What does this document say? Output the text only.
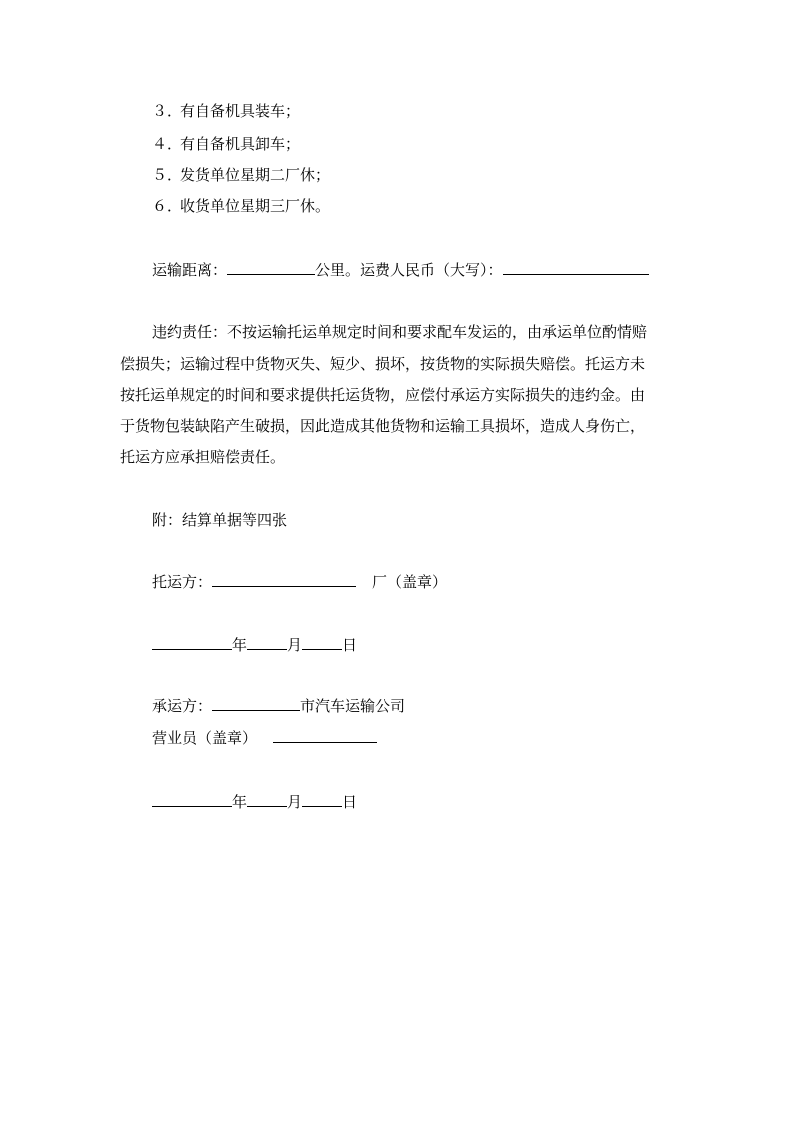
３．有自备机具装车；
４．有自备机具卸车；
５．发货单位星期二厂休；
６．收货单位星期三厂休。
运输距离：	公里。运费人民币（大写）：
违约责任：不按运输托运单规定时间和要求配车发运的，由承运单位酌情赔
偿损失；运输过程中货物灭失、短少、损坏，按货物的实际损失赔偿。托运方未
按托运单规定的时间和要求提供托运货物，应偿付承运方实际损失的违约金。由
于货物包装缺陷产生破损，因此造成其他货物和运输工具损坏，造成人身伤亡，
托运方应承担赔偿责任。
附：结算单据等四张
托运方：	厂（盖章）
年	月	日
承运方：	市汽车运输公司
营业员（盖章）
年	月	日
